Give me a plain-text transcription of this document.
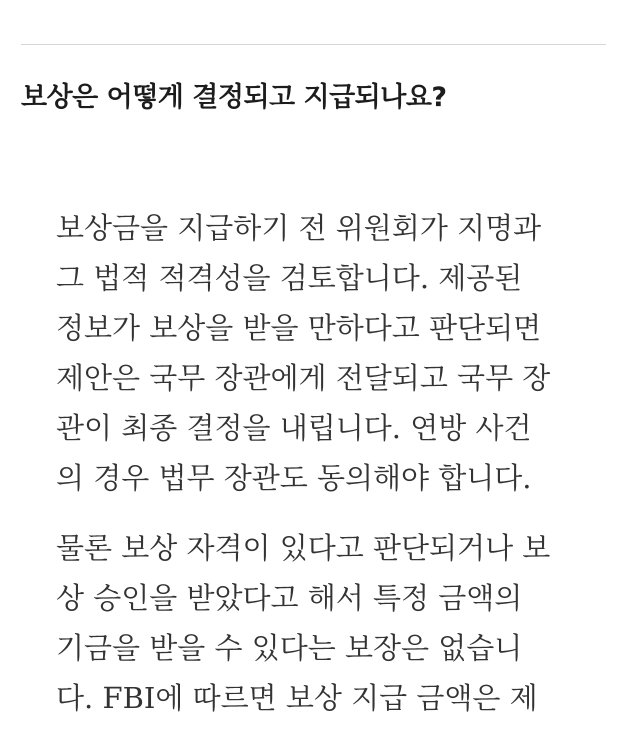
보상은 어떻게 결정되고 지급되나요?

보상금을 지급하기 전 위원회가 지명과
그 법적 적격성을 검토합니다. 제공된
정보가 보상을 받을 만하다고 판단되면
제안은 국무 장관에게 전달되고 국무 장
관이 최종 결정을 내립니다. 연방 사건
의 경우 법무 장관도 동의해야 합니다.

물론 보상 자격이 있다고 판단되거나 보
상 승인을 받았다고 해서 특정 금액의
기금을 받을 수 있다는 보장은 없습니
다. FBI에 따르면 보상 지급 금액은 제
